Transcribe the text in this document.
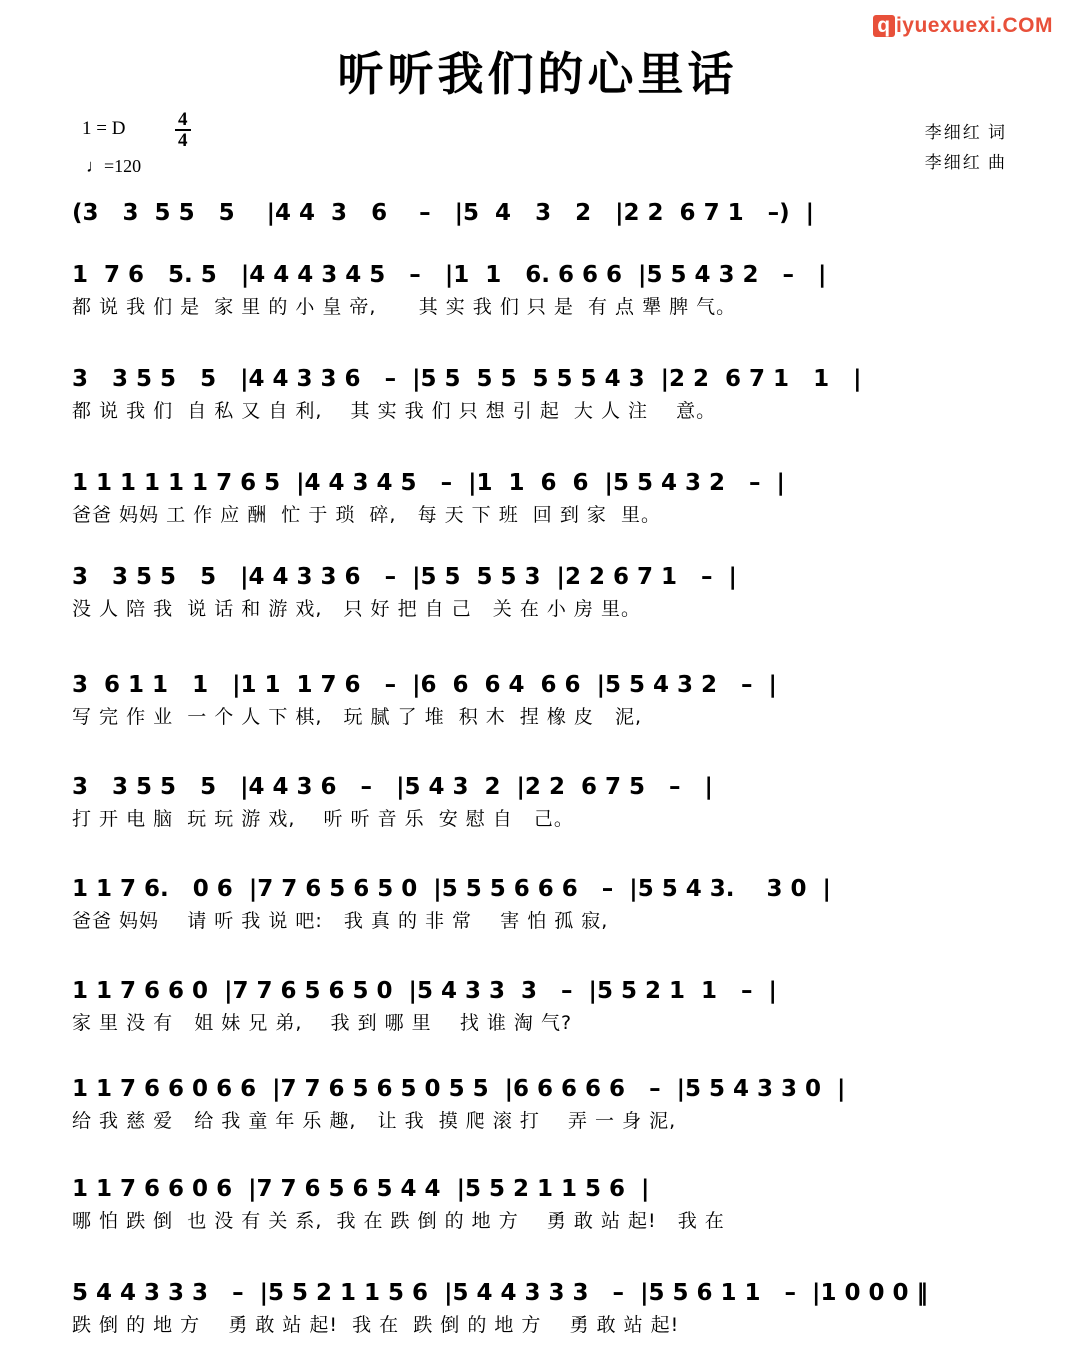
q iyuexuexi.COM
听听我们的心里话
1 = D	$\frac{4}{4}$
♩=120
李细红 词
李细红 曲
(3   3  5 5   5    |4 4  3   6    –   |5  4   3   2   |2 2  6 7 1   –)  |
1  7 6   5. 5   |4 4 4 3 4 5   –   |1  1   6. 6 6 6  |5 5 4 3 2   –   |
都 说 我 们 是  家 里 的 小 皇 帝,      其 实 我 们 只 是  有 点 犟 脾 气。
3   3 5 5   5   |4 4 3 3 6   –  |5 5  5 5  5 5 5 4 3  |2 2  6 7 1   1   |
都 说 我 们  自 私 又 自 利,    其 实 我 们 只 想 引 起  大 人 注    意。
1 1 1 1 1 1 7 6 5  |4 4 3 4 5   –  |1  1  6  6  |5 5 4 3 2   –  |
爸爸 妈妈 工 作 应 酬  忙 于 琐  碎,   每 天 下 班  回 到 家  里。
3   3 5 5   5   |4 4 3 3 6   –  |5 5  5 5 3  |2 2 6 7 1   –  |
没 人 陪 我  说 话 和 游 戏,   只 好 把 自 己   关 在 小 房 里。
3  6 1 1   1   |1 1  1 7 6   –  |6  6  6 4  6 6  |5 5 4 3 2   –  |
写 完 作 业  一 个 人 下 棋,   玩 腻 了 堆  积 木  捏 橡 皮   泥,
3   3 5 5   5   |4 4 3 6   –   |5 4 3  2  |2 2  6 7 5   –   |
打 开 电 脑  玩 玩 游 戏,    听 听 音 乐  安 慰 自   己。
1 1 7 6.   0 6  |7 7 6 5 6 5 0  |5 5 5 6 6 6   –  |5 5 4 3.    3 0  |
爸爸 妈妈    请 听 我 说 吧:   我 真 的 非 常    害 怕 孤 寂,
1 1 7 6 6 0  |7 7 6 5 6 5 0  |5 4 3 3  3   –  |5 5 2 1  1   –  |
家 里 没 有   姐 妹 兄 弟,    我 到 哪 里    找 谁 淘 气?
1 1 7 6 6 0 6 6  |7 7 6 5 6 5 0 5 5  |6 6 6 6 6   –  |5 5 4 3 3 0  |
给 我 慈 爱   给 我 童 年 乐 趣,   让 我  摸 爬 滚 打    弄 一 身 泥,
1 1 7 6 6 0 6  |7 7 6 5 6 5 4 4  |5 5 2 1 1 5 6  |
哪 怕 跌 倒  也 没 有 关 系,  我 在 跌 倒 的 地 方    勇 敢 站 起!   我 在
5 4 4 3 3 3   –  |5 5 2 1 1 5 6  |5 4 4 3 3 3   –  |5 5 6 1 1   –  |1 0 0 0 ‖
跌 倒 的 地 方    勇 敢 站 起!  我 在  跌 倒 的 地 方    勇 敢 站 起!
